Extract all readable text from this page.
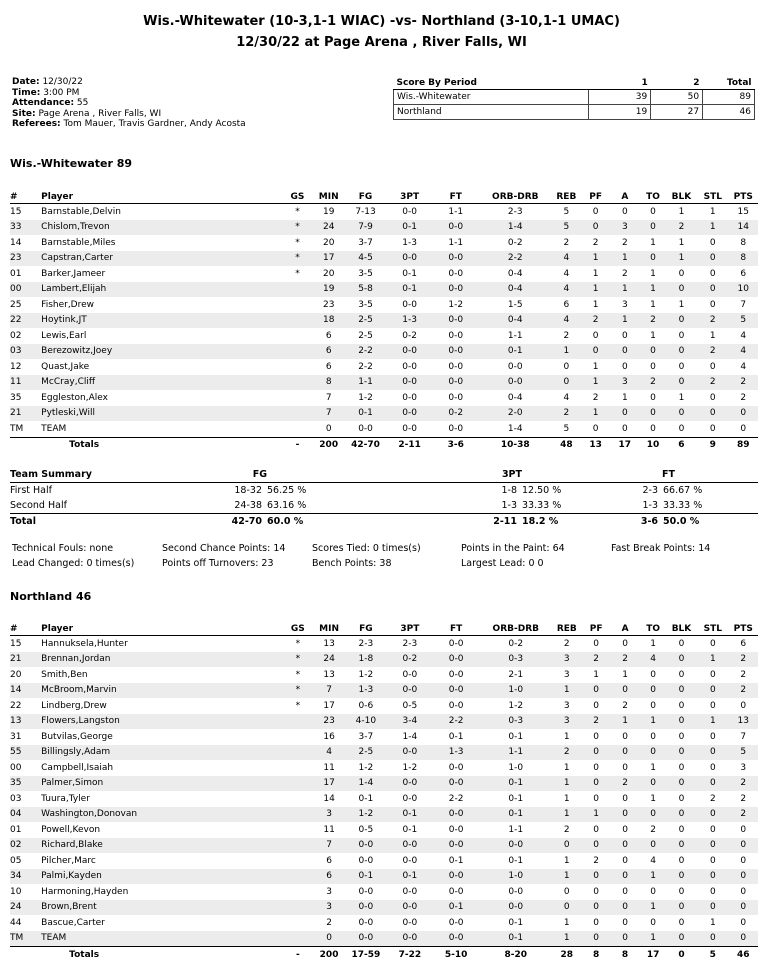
Wis.-Whitewater (10-3,1-1 WIAC) -vs- Northland (3-10,1-1 UMAC)
12/30/22 at Page Arena , River Falls, WI
Date: 12/30/22
Time: 3:00 PM
Attendance: 55
Site: Page Arena , River Falls, WI
Referees: Tom Mauer, Travis Gardner, Andy Acosta
Score By Period	1	2	Total
Wis.-Whitewater	39	50	89
Northland	19	27	46
Wis.-Whitewater 89
#	Player	GS	MIN	FG	3PT	FT	ORB-DRB	REB	PF	A	TO	BLK	STL	PTS
15	Barnstable,Delvin	*	19	7-13	0-0	1-1	2-3	5	0	0	0	1	1	15
33	Chislom,Trevon	*	24	7-9	0-1	0-0	1-4	5	0	3	0	2	1	14
14	Barnstable,Miles	*	20	3-7	1-3	1-1	0-2	2	2	2	1	1	0	8
23	Capstran,Carter	*	17	4-5	0-0	0-0	2-2	4	1	1	0	1	0	8
01	Barker,Jameer	*	20	3-5	0-1	0-0	0-4	4	1	2	1	0	0	6
00	Lambert,Elijah		19	5-8	0-1	0-0	0-4	4	1	1	1	0	0	10
25	Fisher,Drew		23	3-5	0-0	1-2	1-5	6	1	3	1	1	0	7
22	Hoytink,JT		18	2-5	1-3	0-0	0-4	4	2	1	2	0	2	5
02	Lewis,Earl		6	2-5	0-2	0-0	1-1	2	0	0	1	0	1	4
03	Berezowitz,Joey		6	2-2	0-0	0-0	0-1	1	0	0	0	0	2	4
12	Quast,Jake		6	2-2	0-0	0-0	0-0	0	1	0	0	0	0	4
11	McCray,Cliff		8	1-1	0-0	0-0	0-0	0	1	3	2	0	2	2
35	Eggleston,Alex		7	1-2	0-0	0-0	0-4	4	2	1	0	1	0	2
21	Pytleski,Will		7	0-1	0-0	0-2	2-0	2	1	0	0	0	0	0
TM	TEAM		0	0-0	0-0	0-0	1-4	5	0	0	0	0	0	0
	Totals	-	200	42-70	2-11	3-6	10-38	48	13	17	10	6	9	89
Team Summary	FG		3PT		FT
First Half	18-32	56.25 %	1-8	12.50 %	2-3 66.67 %
Second Half	24-38	63.16 %	1-3	33.33 %	1-3 33.33 %
Total	42-70	60.0 %	2-11	18.2 %	3-6 50.0 %
Technical Fouls: none
Lead Changed: 0 times(s)
Second Chance Points: 14
Points off Turnovers: 23
Scores Tied: 0 times(s)
Bench Points: 38
Points in the Paint: 64
Largest Lead: 0 0
Fast Break Points: 14
Northland 46
#	Player	GS	MIN	FG	3PT	FT	ORB-DRB	REB	PF	A	TO	BLK	STL	PTS
15	Hannuksela,Hunter	*	13	2-3	2-3	0-0	0-2	2	0	0	1	0	0	6
21	Brennan,Jordan	*	24	1-8	0-2	0-0	0-3	3	2	2	4	0	1	2
20	Smith,Ben	*	13	1-2	0-0	0-0	2-1	3	1	1	0	0	0	2
14	McBroom,Marvin	*	7	1-3	0-0	0-0	1-0	1	0	0	0	0	0	2
22	Lindberg,Drew	*	17	0-6	0-5	0-0	1-2	3	0	2	0	0	0	0
13	Flowers,Langston		23	4-10	3-4	2-2	0-3	3	2	1	1	0	1	13
31	Butvilas,George		16	3-7	1-4	0-1	0-1	1	0	0	0	0	0	7
55	Billingsly,Adam		4	2-5	0-0	1-3	1-1	2	0	0	0	0	0	5
00	Campbell,Isaiah		11	1-2	1-2	0-0	1-0	1	0	0	1	0	0	3
35	Palmer,Simon		17	1-4	0-0	0-0	0-1	1	0	2	0	0	0	2
03	Tuura,Tyler		14	0-1	0-0	2-2	0-1	1	0	0	1	0	2	2
04	Washington,Donovan		3	1-2	0-1	0-0	0-1	1	1	0	0	0	0	2
01	Powell,Kevon		11	0-5	0-1	0-0	1-1	2	0	0	2	0	0	0
02	Richard,Blake		7	0-0	0-0	0-0	0-0	0	0	0	0	0	0	0
05	Pilcher,Marc		6	0-0	0-0	0-1	0-1	1	2	0	4	0	0	0
34	Palmi,Kayden		6	0-1	0-1	0-0	1-0	1	0	0	1	0	0	0
10	Harmoning,Hayden		3	0-0	0-0	0-0	0-0	0	0	0	0	0	0	0
24	Brown,Brent		3	0-0	0-0	0-1	0-0	0	0	0	1	0	0	0
44	Bascue,Carter		2	0-0	0-0	0-0	0-1	1	0	0	0	0	1	0
TM	TEAM		0	0-0	0-0	0-0	0-1	1	0	0	1	0	0	0
	Totals	-	200	17-59	7-22	5-10	8-20	28	8	8	17	0	5	46
